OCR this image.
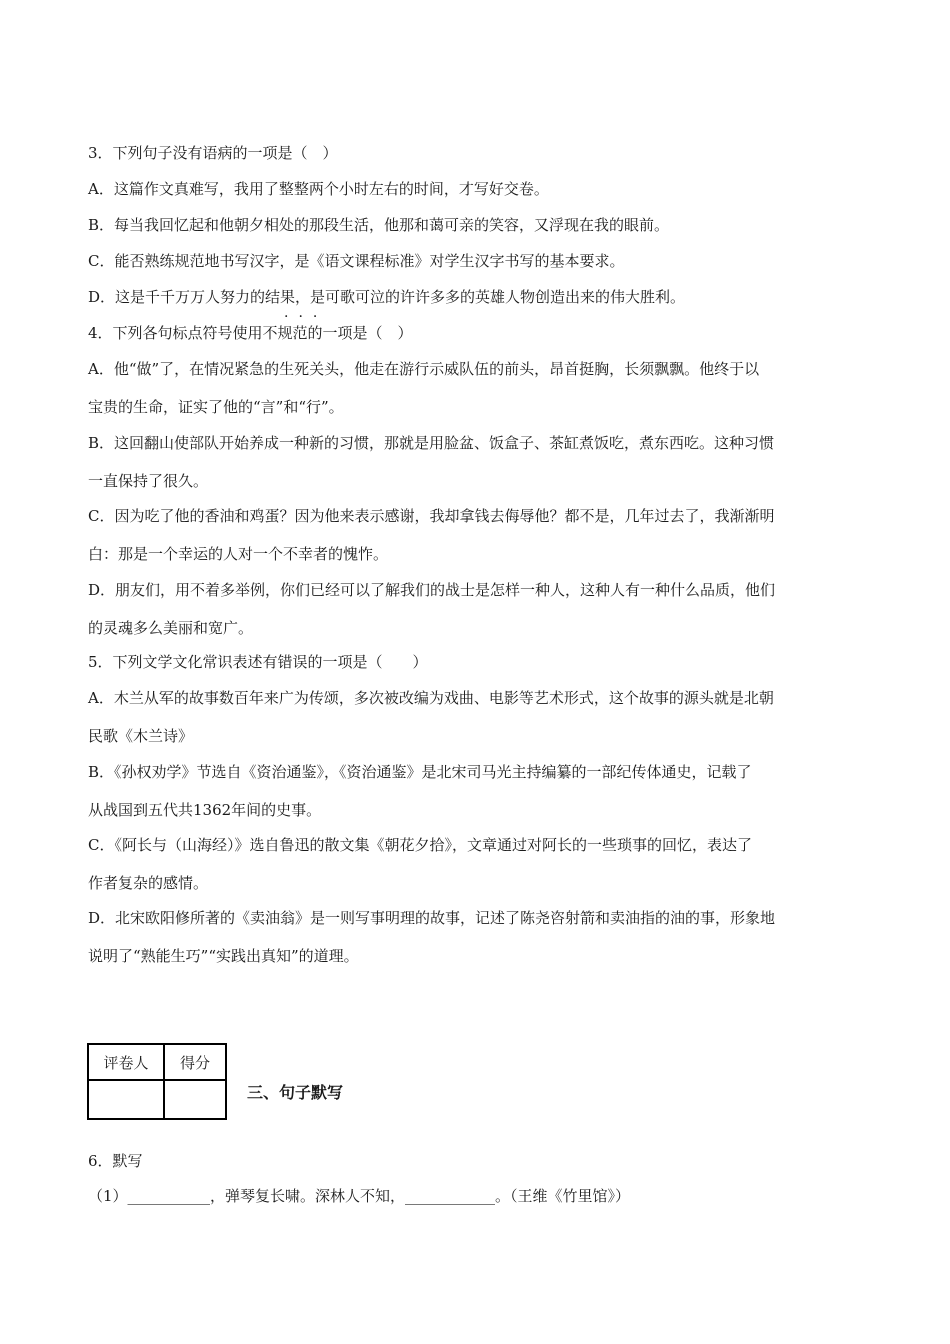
3．下列句子没有语病的一项是（　）
A．这篇作文真难写，我用了整整两个小时左右的时间，才写好交卷。
B．每当我回忆起和他朝夕相处的那段生活，他那和蔼可亲的笑容，又浮现在我的眼前。
C．能否熟练规范地书写汉字，是《语文课程标准》对学生汉字书写的基本要求。
D．这是千千万万人努力的结果，是可歌可泣的许许多多的英雄人物创造出来的伟大胜利。
···
4．下列各句标点符号使用不规范的一项是（　）
A．他“做”了，在情况紧急的生死关头，他走在游行示威队伍的前头，昂首挺胸，长须飘飘。他终于以
宝贵的生命，证实了他的“言”和“行”。
B．这回翻山使部队开始养成一种新的习惯，那就是用脸盆、饭盒子、茶缸煮饭吃，煮东西吃。这种习惯
一直保持了很久。
C．因为吃了他的香油和鸡蛋？因为他来表示感谢，我却拿钱去侮辱他？都不是，几年过去了，我渐渐明
白：那是一个幸运的人对一个不幸者的愧怍。
D．朋友们，用不着多举例，你们已经可以了解我们的战士是怎样一种人，这种人有一种什么品质，他们
的灵魂多么美丽和宽广。
5．下列文学文化常识表述有错误的一项是（　　）
A．木兰从军的故事数百年来广为传颂，多次被改编为戏曲、电影等艺术形式，这个故事的源头就是北朝
民歌《木兰诗》
B．《孙权劝学》节选自《资治通鉴》，《资治通鉴》是北宋司马光主持编纂的一部纪传体通史，记载了
从战国到五代共1362年间的史事。
C．《阿长与（山海经）》选自鲁迅的散文集《朝花夕拾》，文章通过对阿长的一些琐事的回忆，表达了
作者复杂的感情。
D．北宋欧阳修所著的《卖油翁》是一则写事明理的故事，记述了陈尧咨射箭和卖油指的油的事，形象地
说明了“熟能生巧”“实践出真知”的道理。
评卷人	得分

三、句子默写
6．默写
（1）___________，弹琴复长啸。深林人不知，____________。（王维《竹里馆》）
